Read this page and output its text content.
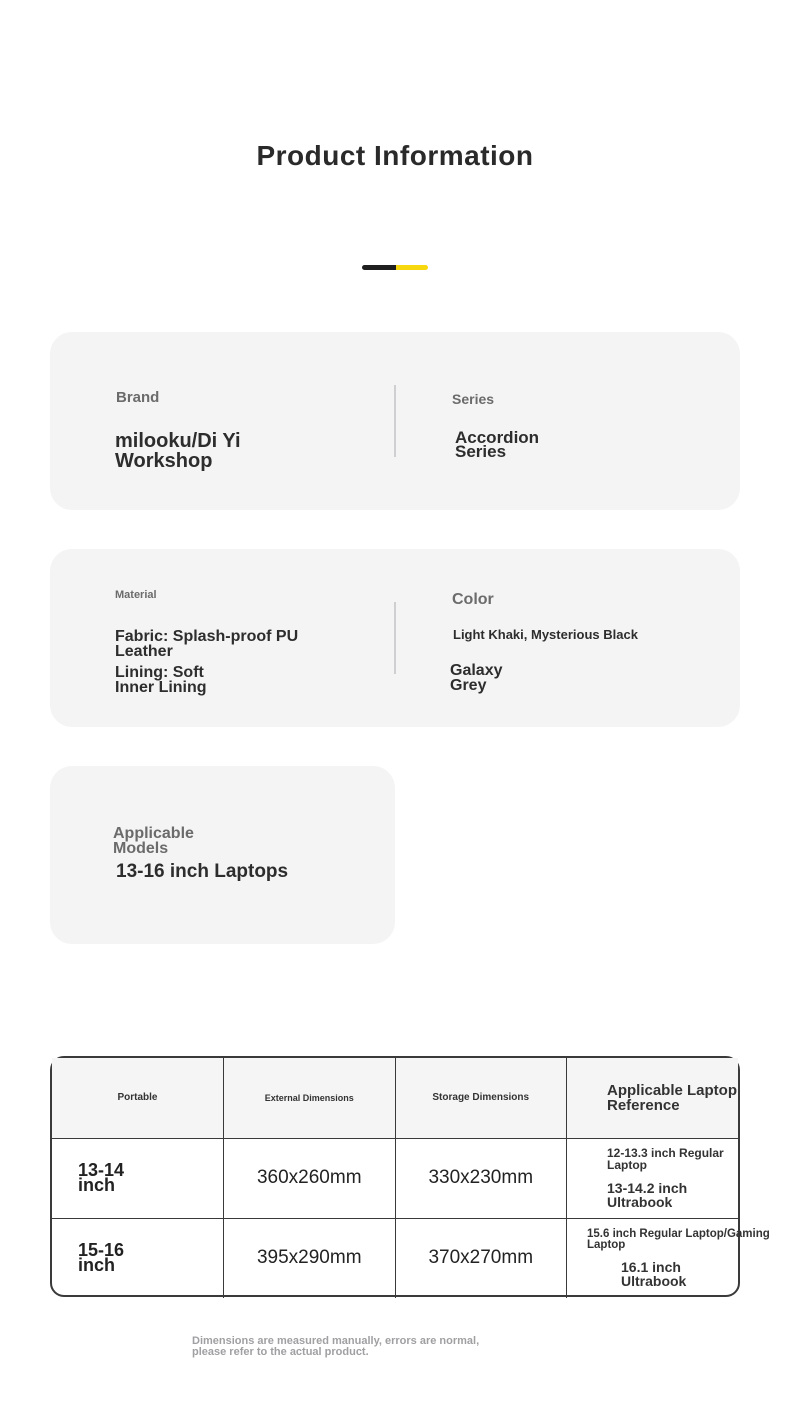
Product Information
Brand
milooku/Di Yi Workshop
Series
Accordion Series
Material
Fabric: Splash-proof PU Leather
Lining: Soft Inner Lining
Color
Light Khaki, Mysterious Black
Galaxy Grey
Applicable Models
13-16 inch Laptops
Portable	External Dimensions	Storage Dimensions	Applicable Laptop Reference

13-14 inch	360x260mm	330x230mm	12-13.3 inch Regular Laptop
13-14.2 inch Ultrabook

15-16 inch	395x290mm	370x270mm	15.6 inch Regular Laptop/Gaming Laptop
16.1 inch Ultrabook
Dimensions are measured manually, errors are normal, please refer to the actual product.
